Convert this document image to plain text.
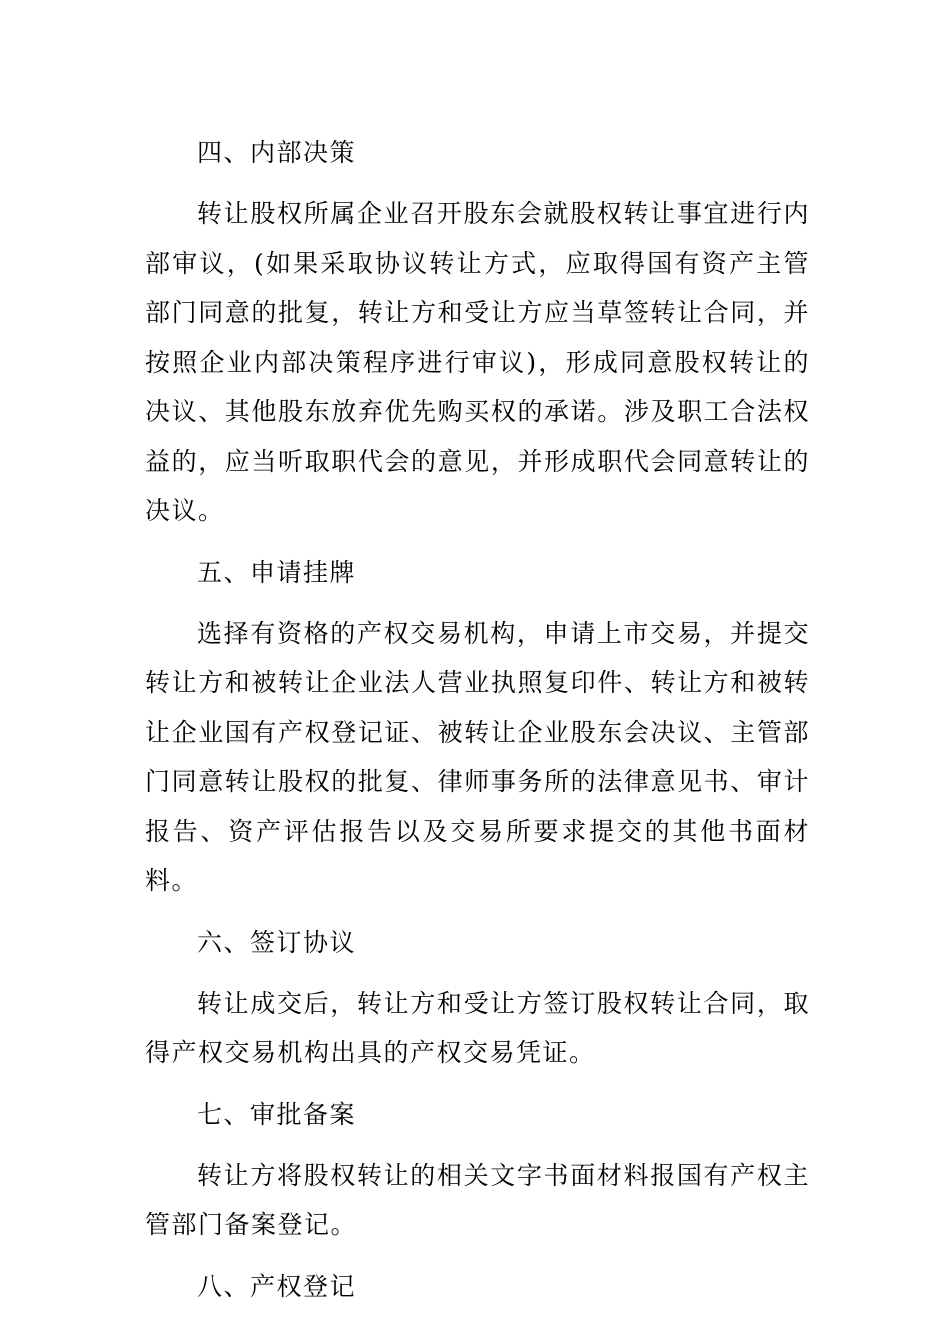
四、内部决策
转让股权所属企业召开股东会就股权转让事宜进行内部审议，(如果采取协议转让方式，应取得国有资产主管部门同意的批复，转让方和受让方应当草签转让合同，并按照企业内部决策程序进行审议)，形成同意股权转让的决议、其他股东放弃优先购买权的承诺。涉及职工合法权益的，应当听取职代会的意见，并形成职代会同意转让的决议。
五、申请挂牌
选择有资格的产权交易机构，申请上市交易，并提交转让方和被转让企业法人营业执照复印件、转让方和被转让企业国有产权登记证、被转让企业股东会决议、主管部门同意转让股权的批复、律师事务所的法律意见书、审计报告、资产评估报告以及交易所要求提交的其他书面材料。
六、签订协议
转让成交后，转让方和受让方签订股权转让合同，取得产权交易机构出具的产权交易凭证。
七、审批备案
转让方将股权转让的相关文字书面材料报国有产权主管部门备案登记。
八、产权登记
